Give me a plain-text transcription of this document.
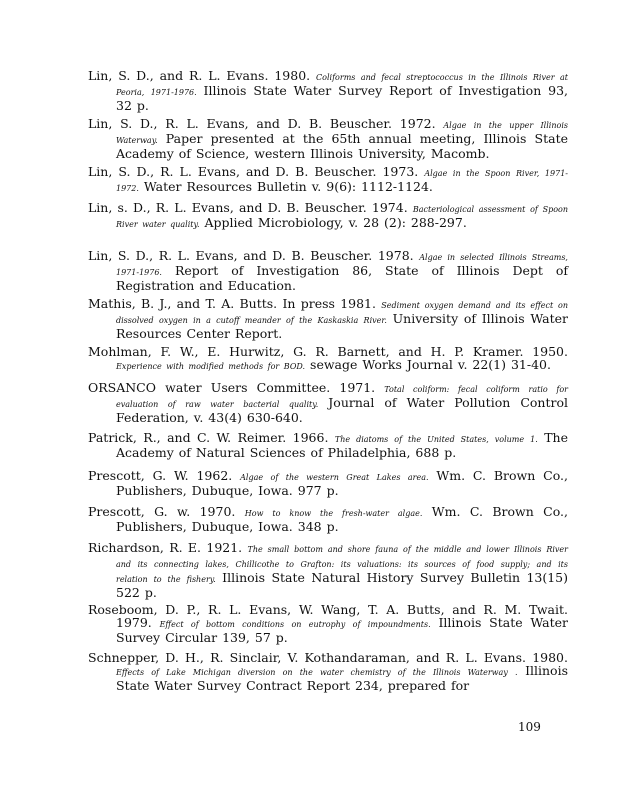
Lin, S. D., and R. L. Evans. 1980. Coliforms and fecal streptococcus in the Illinois River at Peoria, 1971-1976. Illinois State Water Survey Report of Investigation 93, 32 p.

Lin, S. D., R. L. Evans, and D. B. Beuscher. 1972. Algae in the upper Illinois Waterway. Paper presented at the 65th annual meeting, Illinois State Academy of Science, western Illinois University, Macomb.

Lin, S. D., R. L. Evans, and D. B. Beuscher. 1973. Algae in the Spoon River, 1971-1972. Water Resources Bulletin v. 9(6): 1112-1124.

Lin, s. D., R. L. Evans, and D. B. Beuscher. 1974. Bacteriological assessment of Spoon River water quality. Applied Microbiology, v. 28 (2): 288-297.

Lin, S. D., R. L. Evans, and D. B. Beuscher. 1978. Algae in selected Illinois Streams, 1971-1976. Report of Investigation 86, State of Illinois Dept of Registration and Education.

Mathis, B. J., and T. A. Butts. In press 1981. Sediment oxygen demand and its effect on dissolved oxygen in a cutoff meander of the Kaskaskia River. University of Illinois Water Resources Center Report.

Mohlman, F. W., E. Hurwitz, G. R. Barnett, and H. P. Kramer. 1950. Experience with modified methods for BOD. sewage Works Journal v. 22(1) 31-40.

ORSANCO water Users Committee. 1971. Total coliform: fecal coliform ratio for evaluation of raw water bacterial quality. Journal of Water Pollution Control Federation, v. 43(4) 630-640.

Patrick, R., and C. W. Reimer. 1966. The diatoms of the United States, volume 1. The Academy of Natural Sciences of Philadelphia, 688 p.

Prescott, G. W. 1962. Algae of the western Great Lakes area. Wm. C. Brown Co., Publishers, Dubuque, Iowa. 977 p.

Prescott, G. w. 1970. How to know the fresh-water algae. Wm. C. Brown Co., Publishers, Dubuque, Iowa. 348 p.

Richardson, R. E. 1921. The small bottom and shore fauna of the middle and lower Illinois River and its connecting lakes, Chillicothe to Grafton: its valuations: its sources of food supply; and its relation to the fishery. Illinois State Natural History Survey Bulletin 13(15) 522 p.

Roseboom, D. P., R. L. Evans, W. Wang, T. A. Butts, and R. M. Twait. 1979. Effect of bottom conditions on eutrophy of impoundments. Illinois State Water Survey Circular 139, 57 p.

Schnepper, D. H., R. Sinclair, V. Kothandaraman, and R. L. Evans. 1980. Effects of Lake Michigan diversion on the water chemistry of the Illinois Waterway . Illinois State Water Survey Contract Report 234, prepared for

109
